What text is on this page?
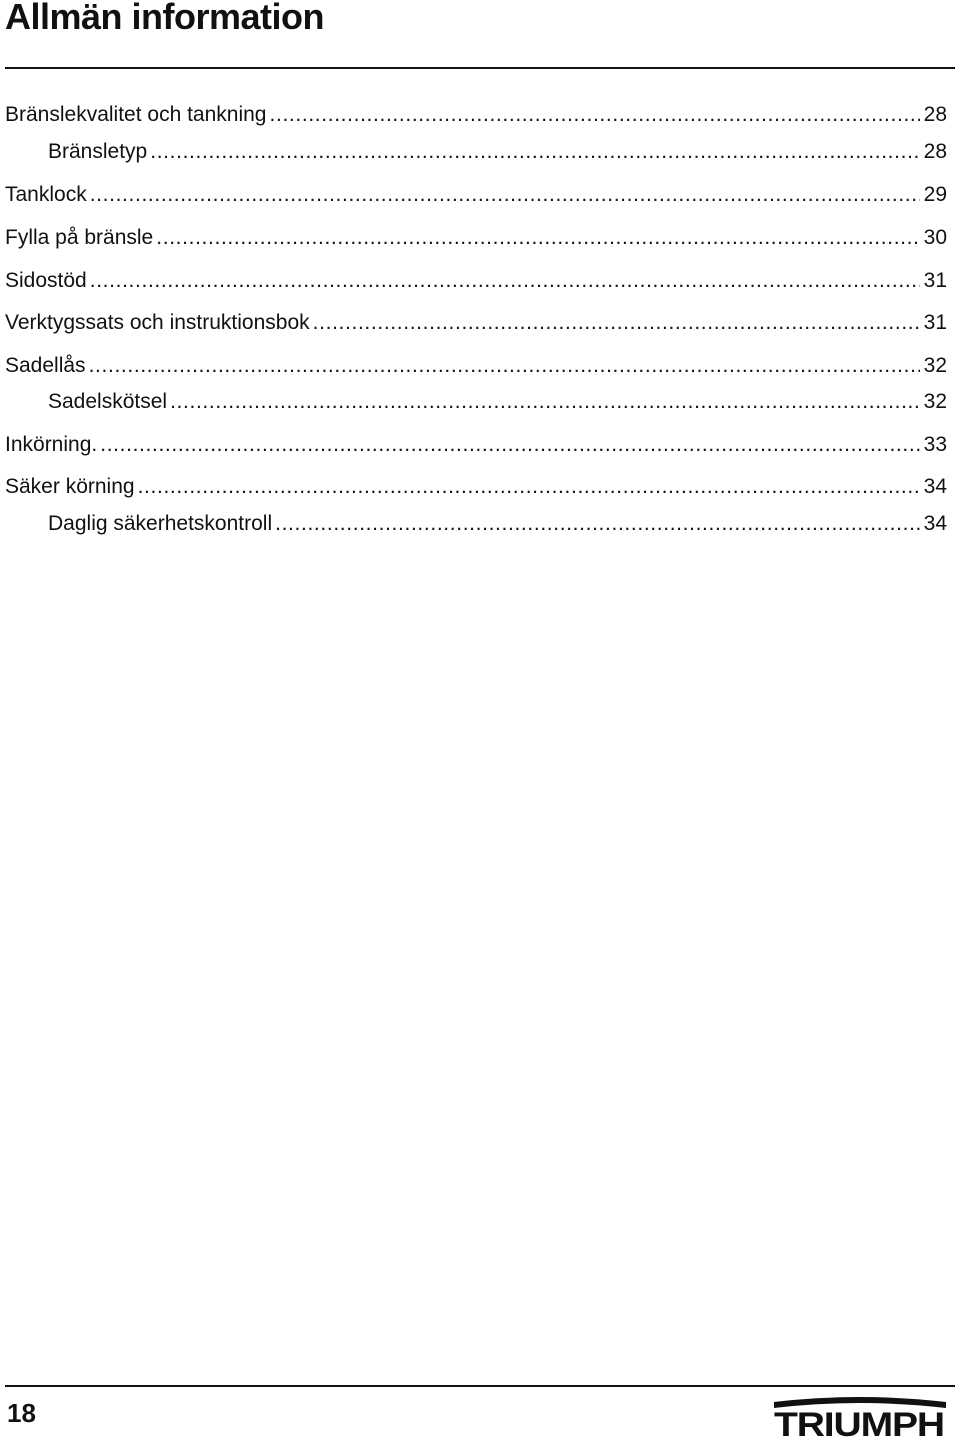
Allmän information
Bränslekvalitet och tankning . . .	28
Bränsletyp . . .	28
Tanklock . . .	29
Fylla på bränsle . . .	30
Sidostöd . . .	31
Verktygssats och instruktionsbok . . .	31
Sadellås . . .	32
Sadelskötsel . . .	32
Inkörning. . . .	33
Säker körning . . .	34
Daglig säkerhetskontroll . . .	34
18	TRIUMPH
